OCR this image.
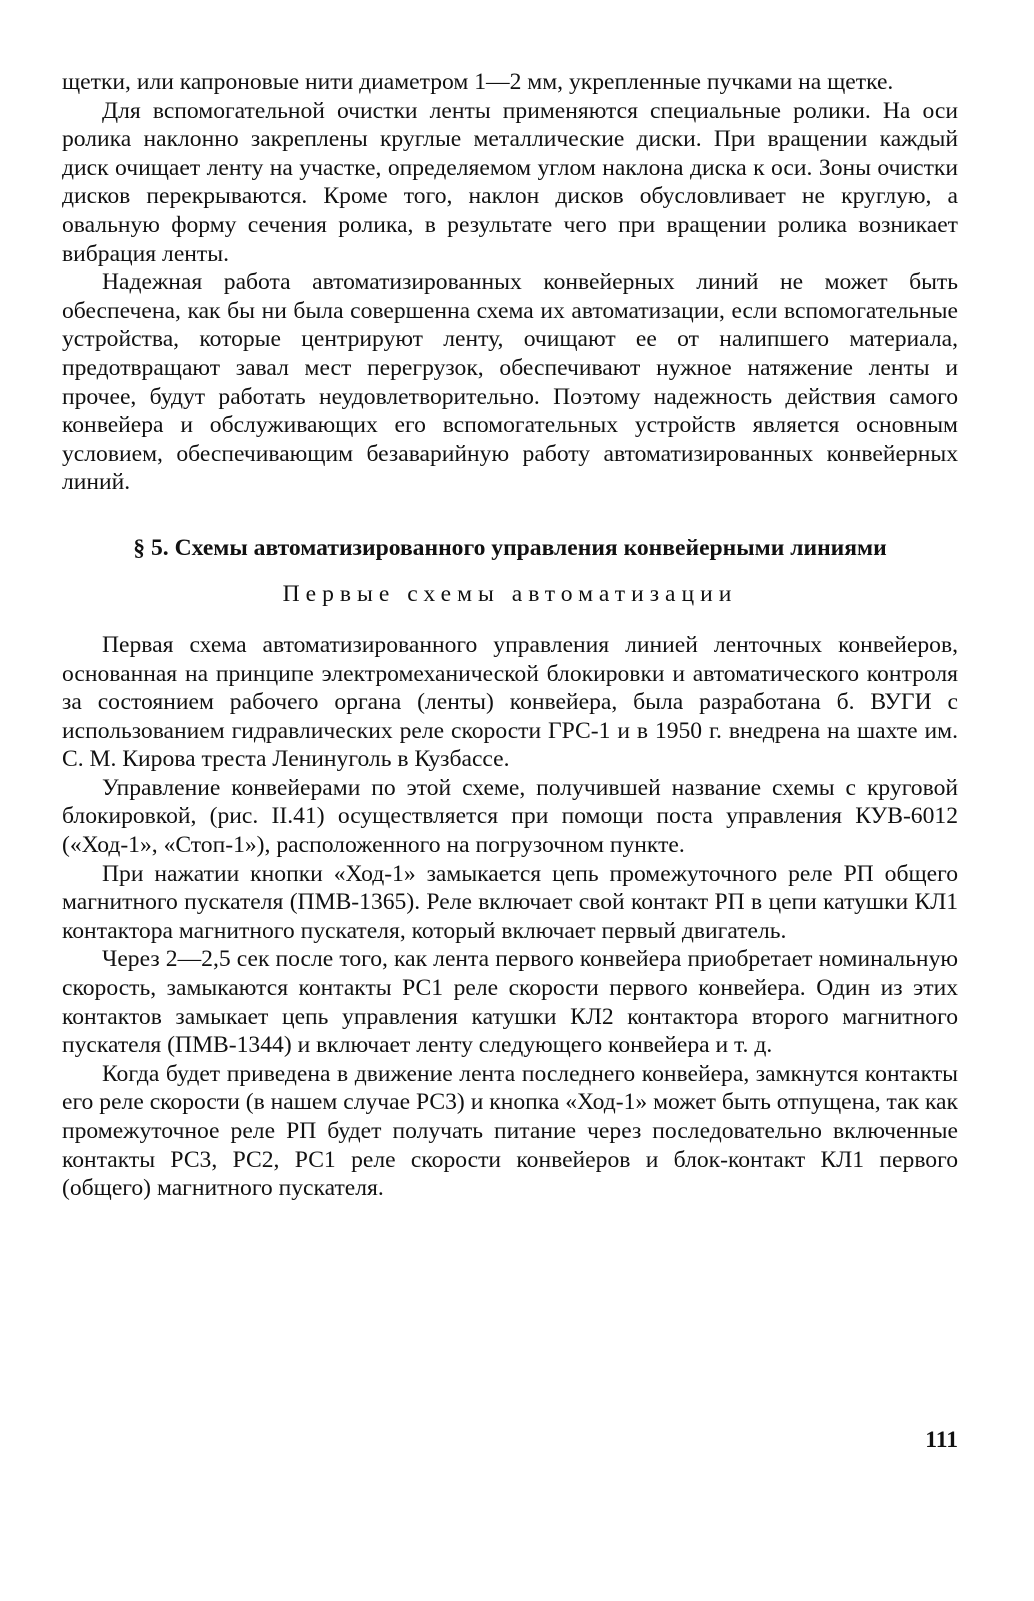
щетки, или капроновые нити диаметром 1—2 мм, укрепленные пучками на щетке.

Для вспомогательной очистки ленты применяются специальные ролики. На оси ролика наклонно закреплены круглые металлические диски. При вращении каждый диск очищает ленту на участке, определяемом углом наклона диска к оси. Зоны очистки дисков перекрываются. Кроме того, наклон дисков обусловливает не круглую, а овальную форму сечения ролика, в результате чего при вращении ролика возникает вибрация ленты.

Надежная работа автоматизированных конвейерных линий не может быть обеспечена, как бы ни была совершенна схема их автоматизации, если вспомогательные устройства, которые центрируют ленту, очищают ее от налипшего материала, предотвращают завал мест перегрузок, обеспечивают нужное натяжение ленты и прочее, будут работать неудовлетворительно. Поэтому надежность действия самого конвейера и обслуживающих его вспомогательных устройств является основным условием, обеспечивающим безаварийную работу автоматизированных конвейерных линий.

§ 5. Схемы автоматизированного управления конвейерными линиями
Первые схемы автоматизации

Первая схема автоматизированного управления линией ленточных конвейеров, основанная на принципе электромеханической блокировки и автоматического контроля за состоянием рабочего органа (ленты) конвейера, была разработана б. ВУГИ с использованием гидравлических реле скорости ГРС-1 и в 1950 г. внедрена на шахте им. С. М. Кирова треста Ленинуголь в Кузбассе.

Управление конвейерами по этой схеме, получившей название схемы с круговой блокировкой, (рис. II.41) осуществляется при помощи поста управления КУВ-6012 («Ход-1», «Стоп-1»), расположенного на погрузочном пункте.

При нажатии кнопки «Ход-1» замыкается цепь промежуточного реле РП общего магнитного пускателя (ПМВ-1365). Реле включает свой контакт РП в цепи катушки КЛ1 контактора магнитного пускателя, который включает первый двигатель.

Через 2—2,5 сек после того, как лента первого конвейера приобретает номинальную скорость, замыкаются контакты РС1 реле скорости первого конвейера. Один из этих контактов замыкает цепь управления катушки КЛ2 контактора второго магнитного пускателя (ПМВ-1344) и включает ленту следующего конвейера и т. д.

Когда будет приведена в движение лента последнего конвейера, замкнутся контакты его реле скорости (в нашем случае РС3) и кнопка «Ход-1» может быть отпущена, так как промежуточное реле РП будет получать питание через последовательно включенные контакты РС3, РС2, РС1 реле скорости конвейеров и блок-контакт КЛ1 первого (общего) магнитного пускателя.

111
